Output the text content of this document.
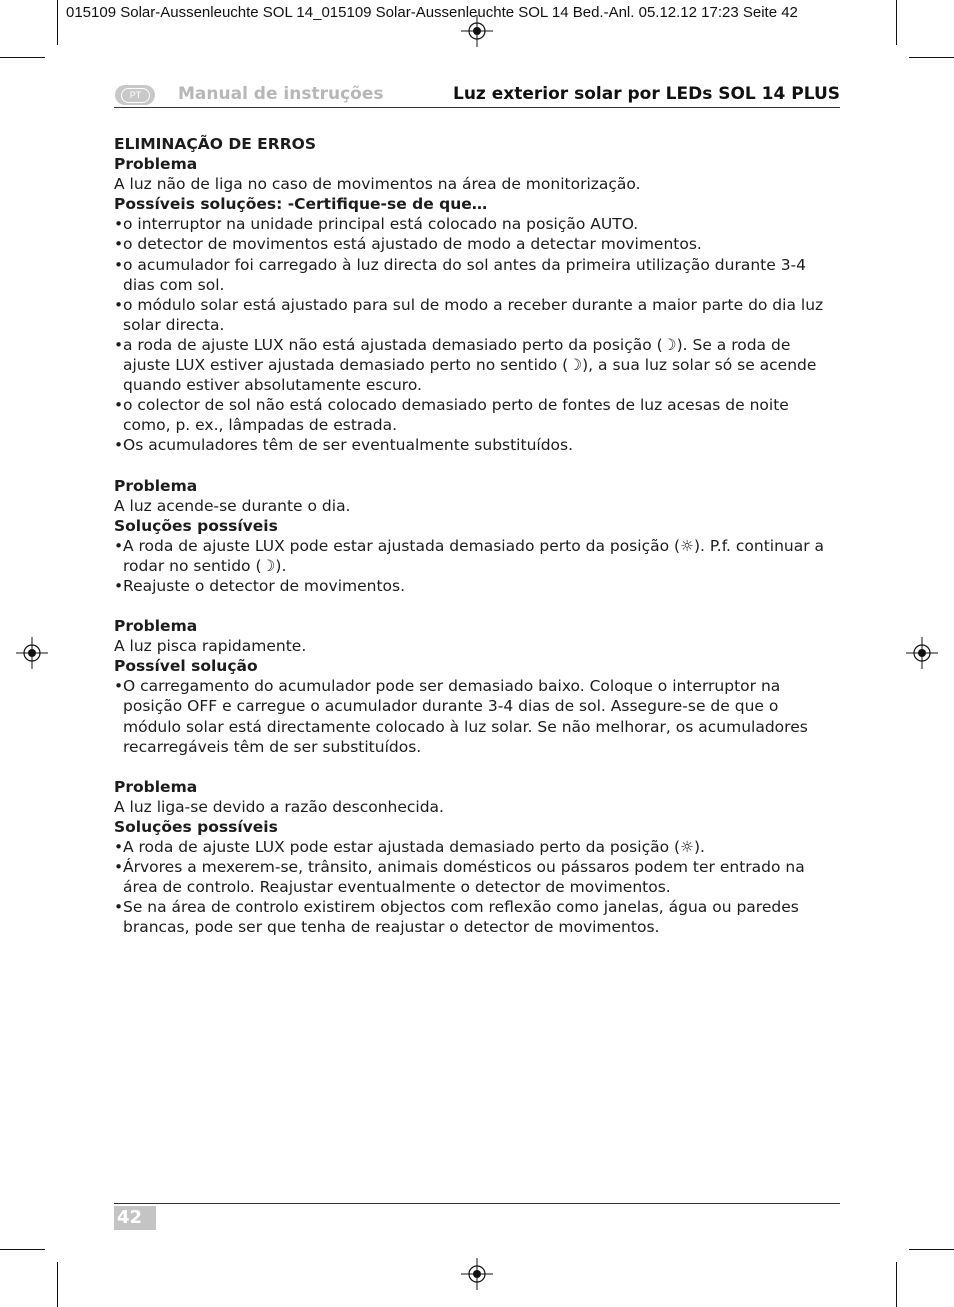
015109 Solar-Aussenleuchte SOL 14_015109 Solar-Aussenleuchte SOL 14 Bed.-Anl. 05.12.12 17:23 Seite 42
PT	Manual de instruções	Luz exterior solar por LEDs SOL 14 PLUS
ELIMINAÇÃO DE ERROS
Problema
A luz não de liga no caso de movimentos na área de monitorização.
Possíveis soluções: -Certifique-se de que…
• o interruptor na unidade principal está colocado na posição AUTO.
• o detector de movimentos está ajustado de modo a detectar movimentos.
• o acumulador foi carregado à luz directa do sol antes da primeira utilização durante 3-4 dias com sol.
• o módulo solar está ajustado para sul de modo a receber durante a maior parte do dia luz solar directa.
• a roda de ajuste LUX não está ajustada demasiado perto da posição (☽). Se a roda de ajuste LUX estiver ajustada demasiado perto no sentido (☽), a sua luz solar só se acende quando estiver absolutamente escuro.
• o colector de sol não está colocado demasiado perto de fontes de luz acesas de noite como, p. ex., lâmpadas de estrada.
• Os acumuladores têm de ser eventualmente substituídos.
Problema
A luz acende-se durante o dia.
Soluções possíveis
• A roda de ajuste LUX pode estar ajustada demasiado perto da posição (☼). P.f. continuar a rodar no sentido (☽).
• Reajuste o detector de movimentos.
Problema
A luz pisca rapidamente.
Possível solução
• O carregamento do acumulador pode ser demasiado baixo. Coloque o interruptor na posição OFF e carregue o acumulador durante 3-4 dias de sol. Assegure-se de que o módulo solar está directamente colocado à luz solar. Se não melhorar, os acumuladores recarregáveis têm de ser substituídos.
Problema
A luz liga-se devido a razão desconhecida.
Soluções possíveis
• A roda de ajuste LUX pode estar ajustada demasiado perto da posição (☼).
• Árvores a mexerem-se, trânsito, animais domésticos ou pássaros podem ter entrado na área de controlo. Reajustar eventualmente o detector de movimentos.
• Se na área de controlo existirem objectos com reflexão como janelas, água ou paredes brancas, pode ser que tenha de reajustar o detector de movimentos.
42
